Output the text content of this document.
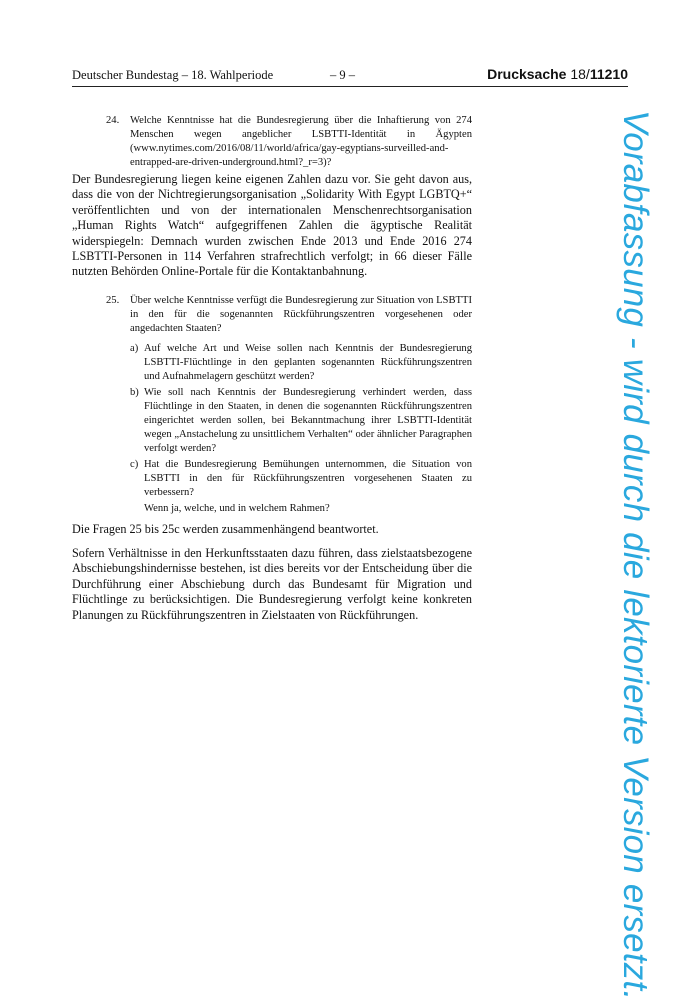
Deutscher Bundestag – 18. Wahlperiode	– 9 –	Drucksache 18/11210
24. Welche Kenntnisse hat die Bundesregierung über die Inhaftierung von 274 Menschen wegen angeblicher LSBTTI-Identität in Ägypten (www.nytimes.com/2016/08/11/world/africa/gay-egyptians-surveilled-and-entrapped-are-driven-underground.html?_r=3)?
Der Bundesregierung liegen keine eigenen Zahlen dazu vor. Sie geht davon aus, dass die von der Nichtregierungsorganisation „Solidarity With Egypt LGBTQ+“ veröffentlichten und von der internationalen Menschenrechtsorganisation „Human Rights Watch“ aufgegriffenen Zahlen die ägyptische Realität widerspiegeln: Demnach wurden zwischen Ende 2013 und Ende 2016 274 LSBTTI-Personen in 114 Verfahren strafrechtlich verfolgt; in 66 dieser Fälle nutzten Behörden Online-Portale für die Kontaktanbahnung.
25. Über welche Kenntnisse verfügt die Bundesregierung zur Situation von LSBTTI in den für die sogenannten Rückführungszentren vorgesehenen oder angedachten Staaten?
a) Auf welche Art und Weise sollen nach Kenntnis der Bundesregierung LSBTTI-Flüchtlinge in den geplanten sogenannten Rückführungszentren und Aufnahmelagern geschützt werden?
b) Wie soll nach Kenntnis der Bundesregierung verhindert werden, dass Flüchtlinge in den Staaten, in denen die sogenannten Rückführungszentren eingerichtet werden sollen, bei Bekanntmachung ihrer LSBTTI-Identität wegen „Anstachelung zu unsittlichem Verhalten“ oder ähnlicher Paragraphen verfolgt werden?
c) Hat die Bundesregierung Bemühungen unternommen, die Situation von LSBTTI in den für Rückführungszentren vorgesehenen Staaten zu verbessern?
Wenn ja, welche, und in welchem Rahmen?
Die Fragen 25 bis 25c werden zusammenhängend beantwortet.
Sofern Verhältnisse in den Herkunftsstaaten dazu führen, dass zielstaatsbezogene Abschiebungshindernisse bestehen, ist dies bereits vor der Entscheidung über die Durchführung einer Abschiebung durch das Bundesamt für Migration und Flüchtlinge zu berücksichtigen. Die Bundesregierung verfolgt keine konkreten Planungen zu Rückführungszentren in Zielstaaten von Rückführungen.	Vorabfassung - wird durch die lektorierte Version ersetzt.
